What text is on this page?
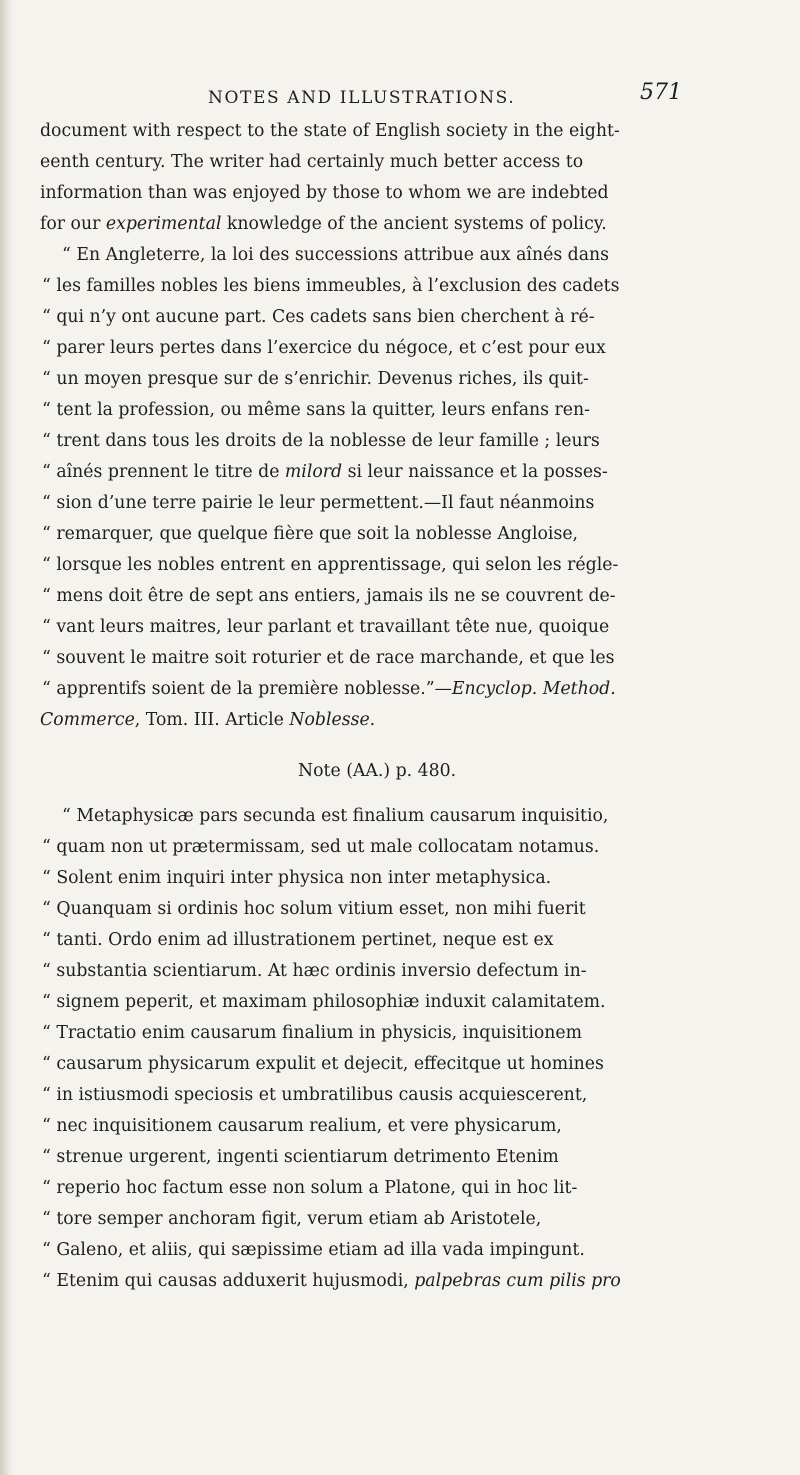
NOTES AND ILLUSTRATIONS.	571
document with respect to the state of English society in the eight-
eenth century. The writer had certainly much better access to
information than was enjoyed by those to whom we are indebted
for our experimental knowledge of the ancient systems of policy.
“ En Angleterre, la loi des successions attribue aux aînés dans
“ les familles nobles les biens immeubles, à l’exclusion des cadets
“ qui n’y ont aucune part. Ces cadets sans bien cherchent à ré-
“ parer leurs pertes dans l’exercice du négoce, et c’est pour eux
“ un moyen presque sur de s’enrichir. Devenus riches, ils quit-
“ tent la profession, ou même sans la quitter, leurs enfans ren-
“ trent dans tous les droits de la noblesse de leur famille ; leurs
“ aînés prennent le titre de milord si leur naissance et la posses-
“ sion d’une terre pairie le leur permettent.—Il faut néanmoins
“ remarquer, que quelque fière que soit la noblesse Angloise,
“ lorsque les nobles entrent en apprentissage, qui selon les régle-
“ mens doit être de sept ans entiers, jamais ils ne se couvrent de-
“ vant leurs maitres, leur parlant et travaillant tête nue, quoique
“ souvent le maitre soit roturier et de race marchande, et que les
“ apprentifs soient de la première noblesse.”—Encyclop. Method.
Commerce, Tom. III. Article Noblesse.
Note (AA.) p. 480.
“ Metaphysicæ pars secunda est finalium causarum inquisitio,
“ quam non ut prætermissam, sed ut male collocatam notamus.
“ Solent enim inquiri inter physica non inter metaphysica.
“ Quanquam si ordinis hoc solum vitium esset, non mihi fuerit
“ tanti. Ordo enim ad illustrationem pertinet, neque est ex
“ substantia scientiarum. At hæc ordinis inversio defectum in-
“ signem peperit, et maximam philosophiæ induxit calamitatem.
“ Tractatio enim causarum finalium in physicis, inquisitionem
“ causarum physicarum expulit et dejecit, effecitque ut homines
“ in istiusmodi speciosis et umbratilibus causis acquiescerent,
“ nec inquisitionem causarum realium, et vere physicarum,
“ strenue urgerent, ingenti scientiarum detrimento Etenim
“ reperio hoc factum esse non solum a Platone, qui in hoc lit-
“ tore semper anchoram figit, verum etiam ab Aristotele,
“ Galeno, et aliis, qui sæpissime etiam ad illa vada impingunt.
“ Etenim qui causas adduxerit hujusmodi, palpebras cum pilis pro
